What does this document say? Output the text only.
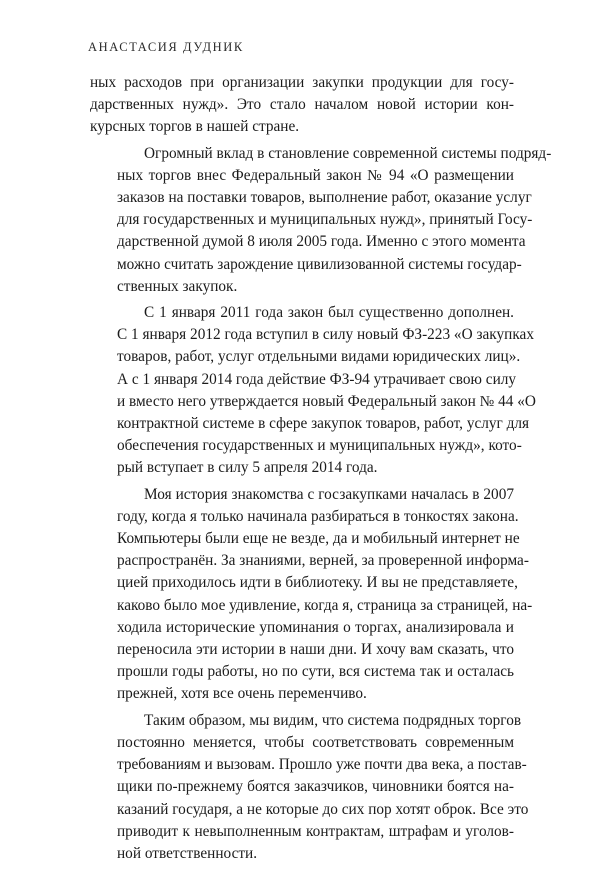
АНАСТАСИЯ ДУДНИК

ных расходов при организации закупки продукции для госу-
дарственных нужд». Это стало началом новой истории кон-
курсных торгов в нашей стране.

Огромный вклад в становление современной системы подряд-
ных торгов внес Федеральный закон № 94 «О размещении
заказов на поставки товаров, выполнение работ, оказание услуг
для государственных и муниципальных нужд», принятый Госу-
дарственной думой 8 июля 2005 года. Именно с этого момента
можно считать зарождение цивилизованной системы государ-
ственных закупок.

С 1 января 2011 года закон был существенно дополнен.
С 1 января 2012 года вступил в силу новый ФЗ-223 «О закупках
товаров, работ, услуг отдельными видами юридических лиц».
А с 1 января 2014 года действие ФЗ-94 утрачивает свою силу
и вместо него утверждается новый Федеральный закон № 44 «О
контрактной системе в сфере закупок товаров, работ, услуг для
обеспечения государственных и муниципальных нужд», кото-
рый вступает в силу 5 апреля 2014 года.

Моя история знакомства с госзакупками началась в 2007
году, когда я только начинала разбираться в тонкостях закона.
Компьютеры были еще не везде, да и мобильный интернет не
распространён. За знаниями, верней, за проверенной информа-
цией приходилось идти в библиотеку. И вы не представляете,
каково было мое удивление, когда я, страница за страницей, на-
ходила исторические упоминания о торгах, анализировала и
переносила эти истории в наши дни. И хочу вам сказать, что
прошли годы работы, но по сути, вся система так и осталась
прежней, хотя все очень переменчиво.

Таким образом, мы видим, что система подрядных торгов
постоянно меняется, чтобы соответствовать современным
требованиям и вызовам. Прошло уже почти два века, а постав-
щики по-прежнему боятся заказчиков, чиновники боятся на-
казаний государя, а не которые до сих пор хотят оброк. Все это
приводит к невыполненным контрактам, штрафам и уголов-
ной ответственности.
